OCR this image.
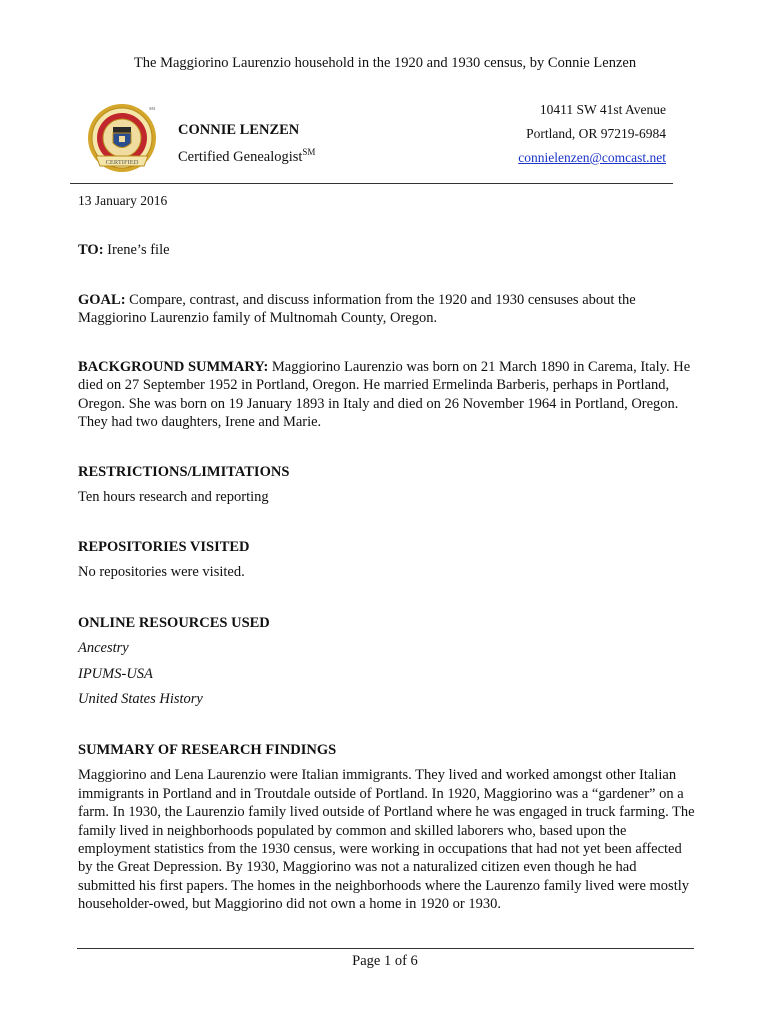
The Maggiorino Laurenzio household in the 1920 and 1930 census, by Connie Lenzen
CERTIFIED
SM
CONNIE LENZEN
Certified Genealogist℠
10411 SW 41st Avenue
Portland, OR 97219-6984
connielenzen@comcast.net
13 January 2016
TO: Irene’s file
GOAL: Compare, contrast, and discuss information from the 1920 and 1930 censuses about the Maggiorino Laurenzio family of Multnomah County, Oregon.
BACKGROUND SUMMARY: Maggiorino Laurenzio was born on 21 March 1890 in Carema, Italy. He died on 27 September 1952 in Portland, Oregon. He married Ermelinda Barberis, perhaps in Portland, Oregon. She was born on 19 January 1893 in Italy and died on 26 November 1964 in Portland, Oregon. They had two daughters, Irene and Marie.
RESTRICTIONS/LIMITATIONS
Ten hours research and reporting
REPOSITORIES VISITED
No repositories were visited.
ONLINE RESOURCES USED
Ancestry
IPUMS-USA
United States History
SUMMARY OF RESEARCH FINDINGS
Maggiorino and Lena Laurenzio were Italian immigrants. They lived and worked amongst other Italian immigrants in Portland and in Troutdale outside of Portland. In 1920, Maggiorino was a “gardener” on a farm. In 1930, the Laurenzio family lived outside of Portland where he was engaged in truck farming. The family lived in neighborhoods populated by common and skilled laborers who, based upon the employment statistics from the 1930 census, were working in occupations that had not yet been affected by the Great Depression. By 1930, Maggiorino was not a naturalized citizen even though he had submitted his first papers. The homes in the neighborhoods where the Laurenzo family lived were mostly householder-owed, but Maggiorino did not own a home in 1920 or 1930.
Page 1 of 6
